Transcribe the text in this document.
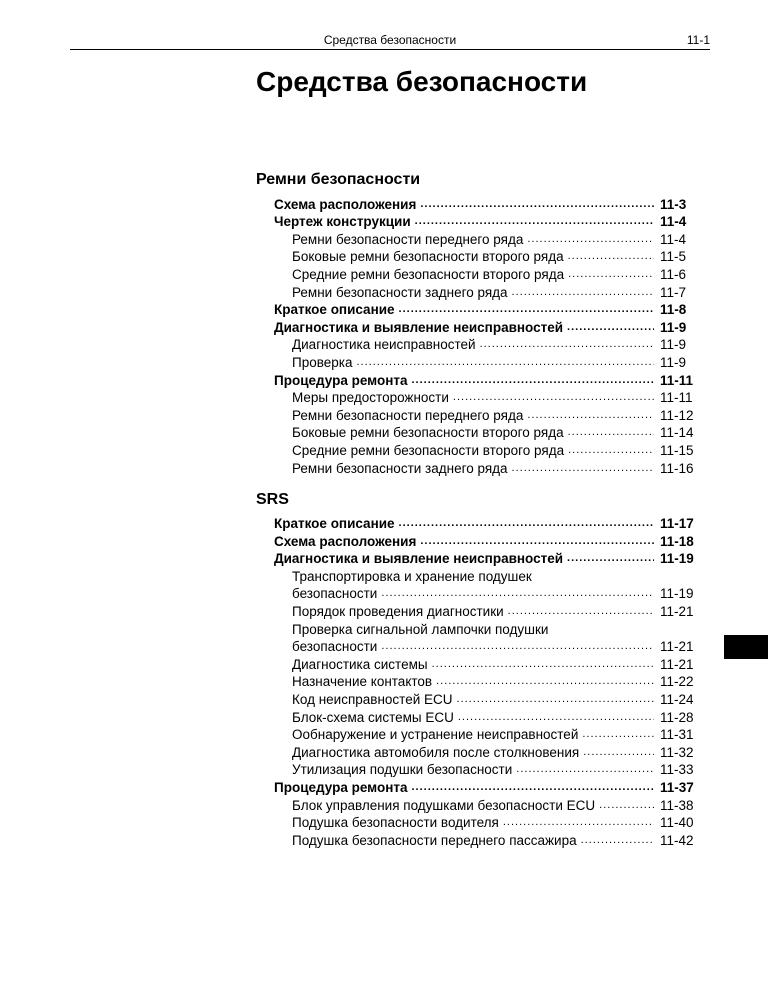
Средства безопасности	11-1
Средства безопасности
Ремни безопасности
Схема расположения .....	11-3
Чертеж конструкции .....	11-4
Ремни безопасности переднего ряда .....	11-4
Боковые ремни безопасности второго ряда .....	11-5
Средние ремни безопасности второго ряда .....	11-6
Ремни безопасности заднего ряда .....	11-7
Краткое описание .....	11-8
Диагностика и выявление неисправностей .....	11-9
Диагностика неисправностей .....	11-9
Проверка .....	11-9
Процедура ремонта .....	11-11
Меры предосторожности .....	11-11
Ремни безопасности переднего ряда .....	11-12
Боковые ремни безопасности второго ряда .....	11-14
Средние ремни безопасности второго ряда .....	11-15
Ремни безопасности заднего ряда .....	11-16
SRS
Краткое описание .....	11-17
Схема расположения .....	11-18
Диагностика и выявление неисправностей .....	11-19
Транспортировка и хранение подушек
безопасности .....	11-19
Порядок проведения диагностики .....	11-21
Проверка сигнальной лампочки подушки
безопасности .....	11-21
Диагностика системы .....	11-21
Назначение контактов .....	11-22
Код неисправностей ECU .....	11-24
Блок-схема системы ECU .....	11-28
Ообнаружение и устранение неисправностей .....	11-31
Диагностика автомобиля после столкновения .....	11-32
Утилизация подушки безопасности .....	11-33
Процедура ремонта .....	11-37
Блок управления подушками безопасности ECU .....	11-38
Подушка безопасности водителя .....	11-40
Подушка безопасности переднего пассажира .....	11-42
